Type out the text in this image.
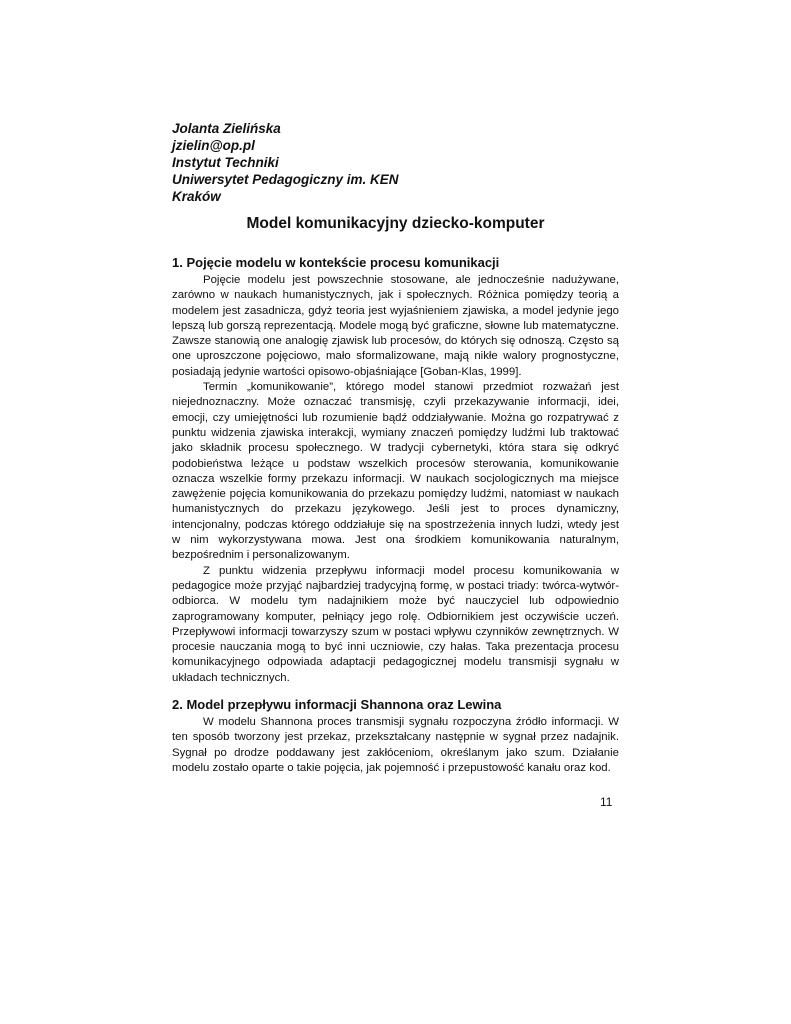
Jolanta Zielińska
jzielin@op.pl
Instytut Techniki
Uniwersytet Pedagogiczny im. KEN
Kraków
Model komunikacyjny dziecko-komputer
1. Pojęcie modelu w kontekście procesu komunikacji

Pojęcie modelu jest powszechnie stosowane, ale jednocześnie nadużywane, zarówno w naukach humanistycznych, jak i społecznych. Różnica pomiędzy teorią a modelem jest zasadnicza, gdyż teoria jest wyjaśnieniem zjawiska, a model jedynie jego lepszą lub gorszą reprezentacją. Modele mogą być graficzne, słowne lub matematyczne. Zawsze stanowią one analogię zjawisk lub procesów, do których się odnoszą. Często są one uproszczone pojęciowo, mało sformalizowane, mają nikłe walory prognostyczne, posiadają jedynie wartości opisowo-objaśniające [Goban-Klas, 1999].

Termin „komunikowanie”, którego model stanowi przedmiot rozważań jest niejednoznaczny. Może oznaczać transmisję, czyli przekazywanie informacji, idei, emocji, czy umiejętności lub rozumienie bądź oddziaływanie. Można go rozpatrywać z punktu widzenia zjawiska interakcji, wymiany znaczeń pomiędzy ludźmi lub traktować jako składnik procesu społecznego. W tradycji cybernetyki, która stara się odkryć podobieństwa leżące u podstaw wszelkich procesów sterowania, komunikowanie oznacza wszelkie formy przekazu informacji. W naukach socjologicznych ma miejsce zawężenie pojęcia komunikowania do przekazu pomiędzy ludźmi, natomiast w naukach humanistycznych do przekazu językowego. Jeśli jest to proces dynamiczny, intencjonalny, podczas którego oddziałuje się na spostrzeżenia innych ludzi, wtedy jest w nim wykorzystywana mowa. Jest ona środkiem komunikowania naturalnym, bezpośrednim i personalizowanym.

Z punktu widzenia przepływu informacji model procesu komunikowania w pedagogice może przyjąć najbardziej tradycyjną formę, w postaci triady: twórca-wytwór-odbiorca. W modelu tym nadajnikiem może być nauczyciel lub odpowiednio zaprogramowany komputer, pełniący jego rolę. Odbiornikiem jest oczywiście uczeń. Przepływowi informacji towarzyszy szum w postaci wpływu czynników zewnętrznych. W procesie nauczania mogą to być inni uczniowie, czy hałas. Taka prezentacja procesu komunikacyjnego odpowiada adaptacji pedagogicznej modelu transmisji sygnału w układach technicznych.

2. Model przepływu informacji Shannona oraz Lewina

W modelu Shannona proces transmisji sygnału rozpoczyna źródło informacji. W ten sposób tworzony jest przekaz, przekształcany następnie w sygnał przez nadajnik. Sygnał po drodze poddawany jest zakłóceniom, określanym jako szum. Działanie modelu zostało oparte o takie pojęcia, jak pojemność i przepustowość kanału oraz kod.

11
